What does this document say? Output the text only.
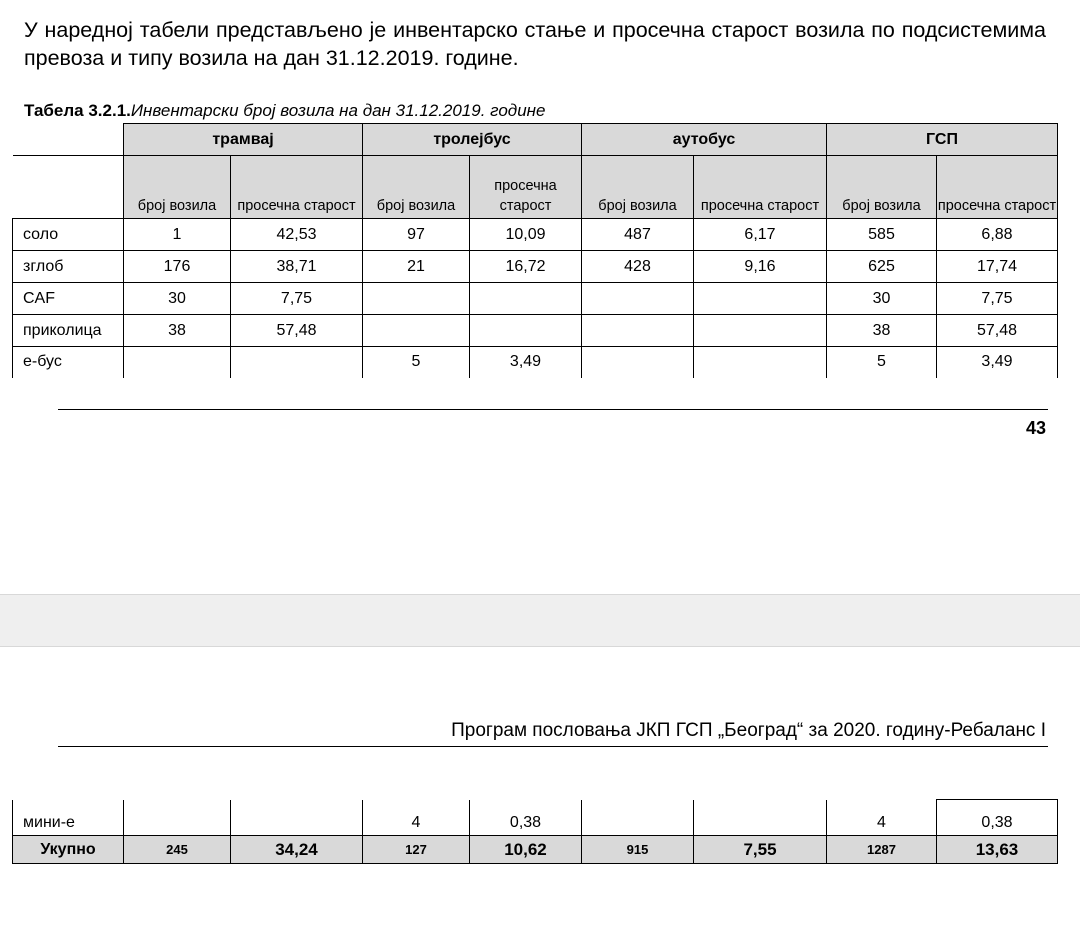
У наредној табели представљено је инвентарско стање и просечна старост возила по подсистемима превоза и типу возила на дан 31.12.2019. године.
Табела 3.2.1.Инвентарски број возила на дан 31.12.2019. године
	трамвај		тролејбус		аутобус		ГСП	
	број возила	просечна старост	број возила	просечна старост	број возила	просечна старост	број возила	просечна старост
соло	1	42,53	97	10,09	487	6,17	585	6,88
зглоб	176	38,71	21	16,72	428	9,16	625	17,74
CAF	30	7,75					30	7,75
приколица	38	57,48					38	57,48
е-бус			5	3,49			5	3,49
43
Програм пословања ЈКП ГСП „Београд“ за 2020. годину-Ребаланс I
мини-е			4	0,38			4	0,38
Укупно	245	34,24	127	10,62	915	7,55	1287	13,63
